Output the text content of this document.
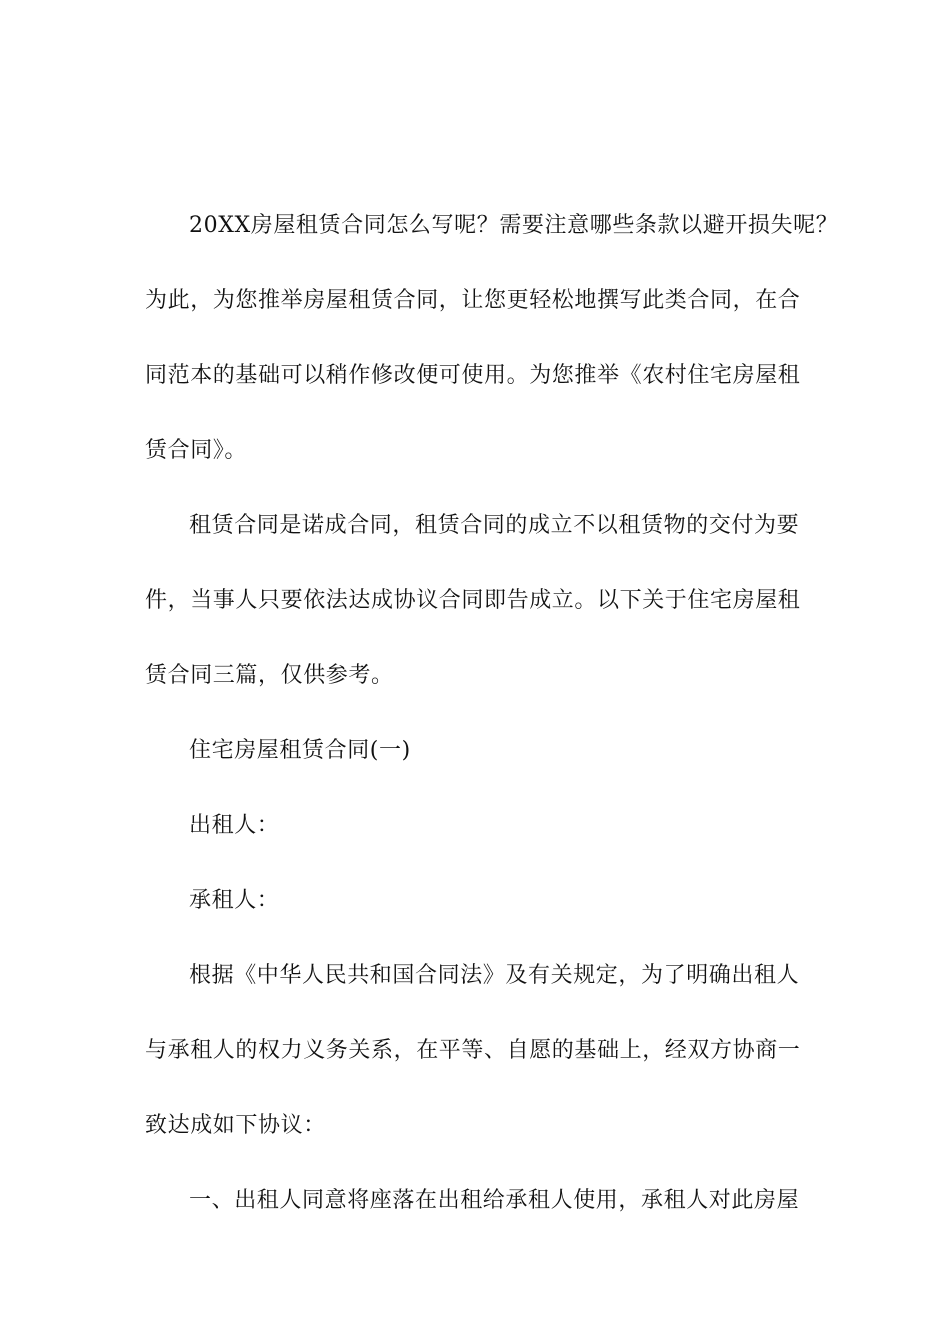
20XX房屋租赁合同怎么写呢？需要注意哪些条款以避开损失呢？
为此，为您推举房屋租赁合同，让您更轻松地撰写此类合同，在合
同范本的基础可以稍作修改便可使用。为您推举《农村住宅房屋租
赁合同》。
租赁合同是诺成合同，租赁合同的成立不以租赁物的交付为要
件，当事人只要依法达成协议合同即告成立。以下关于住宅房屋租
赁合同三篇，仅供参考。
住宅房屋租赁合同(一)
出租人：
承租人：
根据《中华人民共和国合同法》及有关规定，为了明确出租人
与承租人的权力义务关系，在平等、自愿的基础上，经双方协商一
致达成如下协议：
一、出租人同意将座落在出租给承租人使用，承租人对此房屋
